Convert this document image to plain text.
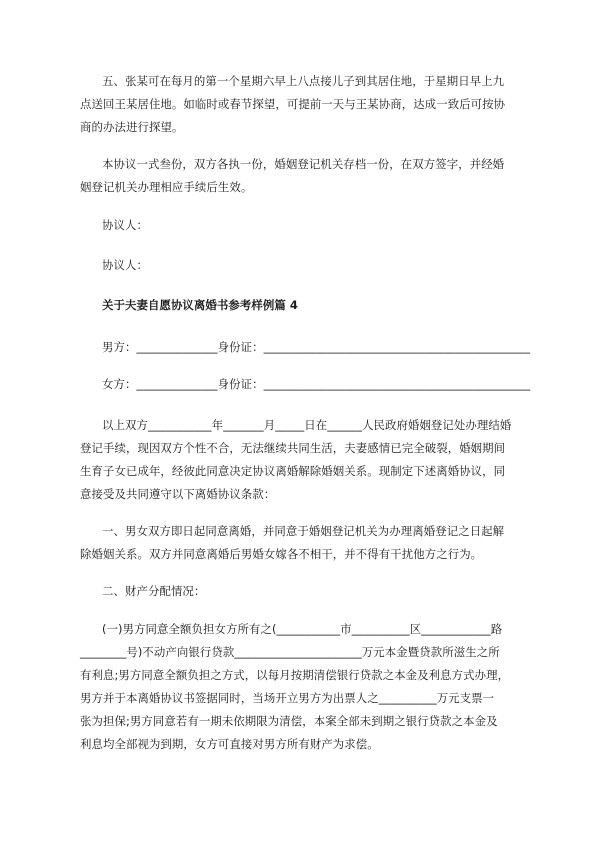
五、张某可在每月的第一个星期六早上八点接儿子到其居住地，于星期日早上九
点送回王某居住地。如临时或春节探望，可提前一天与王某协商，达成一致后可按协
商的办法进行探望。
本协议一式叁份，双方各执一份，婚姻登记机关存档一份，在双方签字，并经婚
姻登记机关办理相应手续后生效。
协议人：
协议人：
关于夫妻自愿协议离婚书参考样例篇 4
男方：______________身份证：______________________________________________
女方：______________身份证：______________________________________________
以上双方___________年_______月_____日在______人民政府婚姻登记处办理结婚
登记手续，现因双方个性不合，无法继续共同生活，夫妻感情已完全破裂，婚姻期间
生育子女已成年，经彼此同意决定协议离婚解除婚姻关系。现制定下述离婚协议，同
意接受及共同遵守以下离婚协议条款：
一、男女双方即日起同意离婚，并同意于婚姻登记机关为办理离婚登记之日起解
除婚姻关系。双方并同意离婚后男婚女嫁各不相干，并不得有干扰他方之行为。
二、财产分配情况：
(一)男方同意全额负担女方所有之(___________市__________区____________路
________号)不动产向银行贷款______________________万元本金暨贷款所滋生之所
有利息;男方同意全额负担之方式，以每月按期清偿银行贷款之本金及利息方式办理，
男方并于本离婚协议书签据同时，当场开立男方为出票人之__________万元支票一
张为担保;男方同意若有一期未依期限为清偿，本案全部未到期之银行贷款之本金及
利息均全部视为到期，女方可直接对男方所有财产为求偿。
